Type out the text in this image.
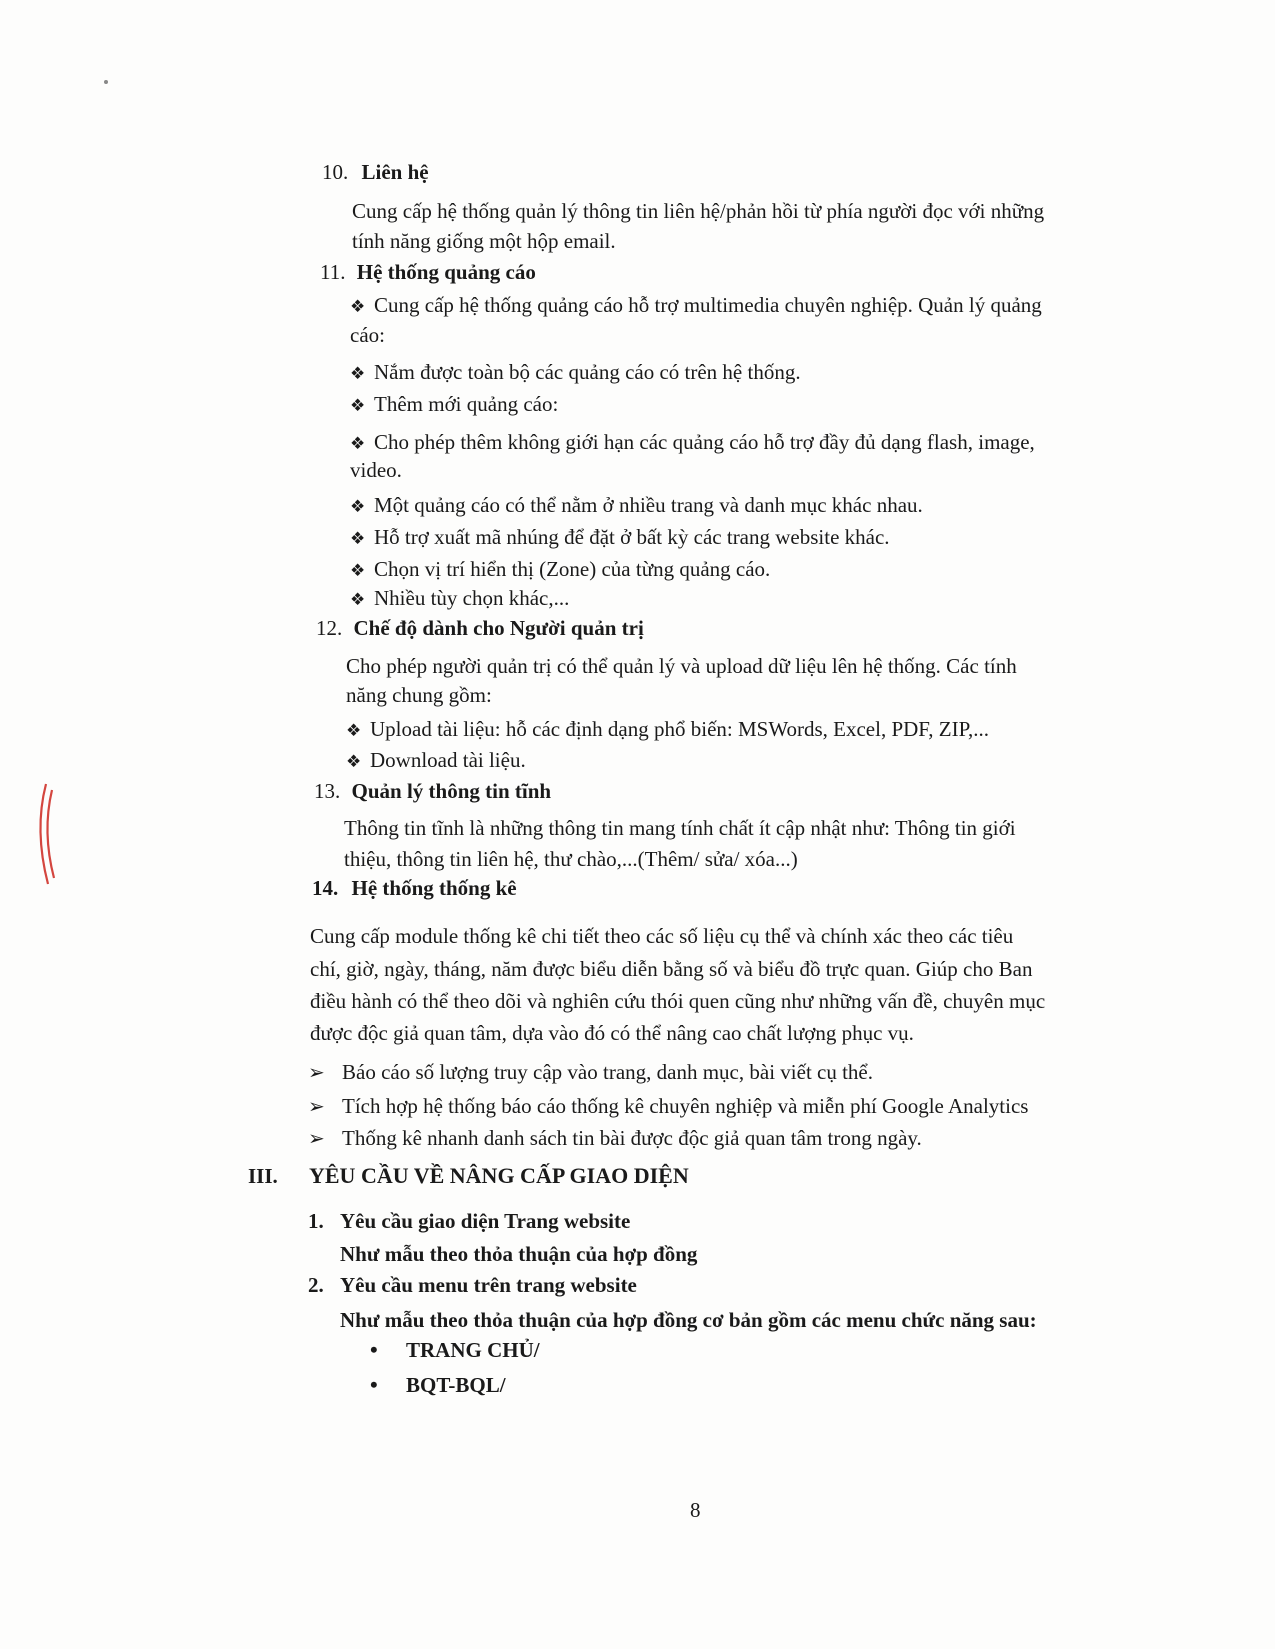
10. Liên hệ
Cung cấp hệ thống quản lý thông tin liên hệ/phản hồi từ phía người đọc với những
tính năng giống một hộp email.
11. Hệ thống quảng cáo
❖ Cung cấp hệ thống quảng cáo hỗ trợ multimedia chuyên nghiệp. Quản lý quảng
cáo:
❖ Nắm được toàn bộ các quảng cáo có trên hệ thống.
❖ Thêm mới quảng cáo:
❖ Cho phép thêm không giới hạn các quảng cáo hỗ trợ đầy đủ dạng flash, image,
video.
❖ Một quảng cáo có thể nằm ở nhiều trang và danh mục khác nhau.
❖ Hỗ trợ xuất mã nhúng để đặt ở bất kỳ các trang website khác.
❖ Chọn vị trí hiển thị (Zone) của từng quảng cáo.
❖ Nhiều tùy chọn khác,...
12. Chế độ dành cho Người quản trị
Cho phép người quản trị có thể quản lý và upload dữ liệu lên hệ thống. Các tính
năng chung gồm:
❖ Upload tài liệu: hỗ các định dạng phổ biến: MSWords, Excel, PDF, ZIP,...
❖ Download tài liệu.
13. Quản lý thông tin tĩnh
Thông tin tĩnh là những thông tin mang tính chất ít cập nhật như: Thông tin giới
thiệu, thông tin liên hệ, thư chào,...(Thêm/ sửa/ xóa...)
14. Hệ thống thống kê
Cung cấp module thống kê chi tiết theo các số liệu cụ thể và chính xác theo các tiêu
chí, giờ, ngày, tháng, năm được biểu diễn bằng số và biểu đồ trực quan. Giúp cho Ban
điều hành có thể theo dõi và nghiên cứu thói quen cũng như những vấn đề, chuyên mục
được độc giả quan tâm, dựa vào đó có thể nâng cao chất lượng phục vụ.
➢ Báo cáo số lượng truy cập vào trang, danh mục, bài viết cụ thể.
➢ Tích hợp hệ thống báo cáo thống kê chuyên nghiệp và miễn phí Google Analytics
➢ Thống kê nhanh danh sách tin bài được độc giả quan tâm trong ngày.
III. YÊU CẦU VỀ NÂNG CẤP GIAO DIỆN
1. Yêu cầu giao diện Trang website
Như mẫu theo thỏa thuận của hợp đồng
2. Yêu cầu menu trên trang website
Như mẫu theo thỏa thuận của hợp đồng cơ bản gồm các menu chức năng sau:
• TRANG CHỦ/
• BQT-BQL/
8
